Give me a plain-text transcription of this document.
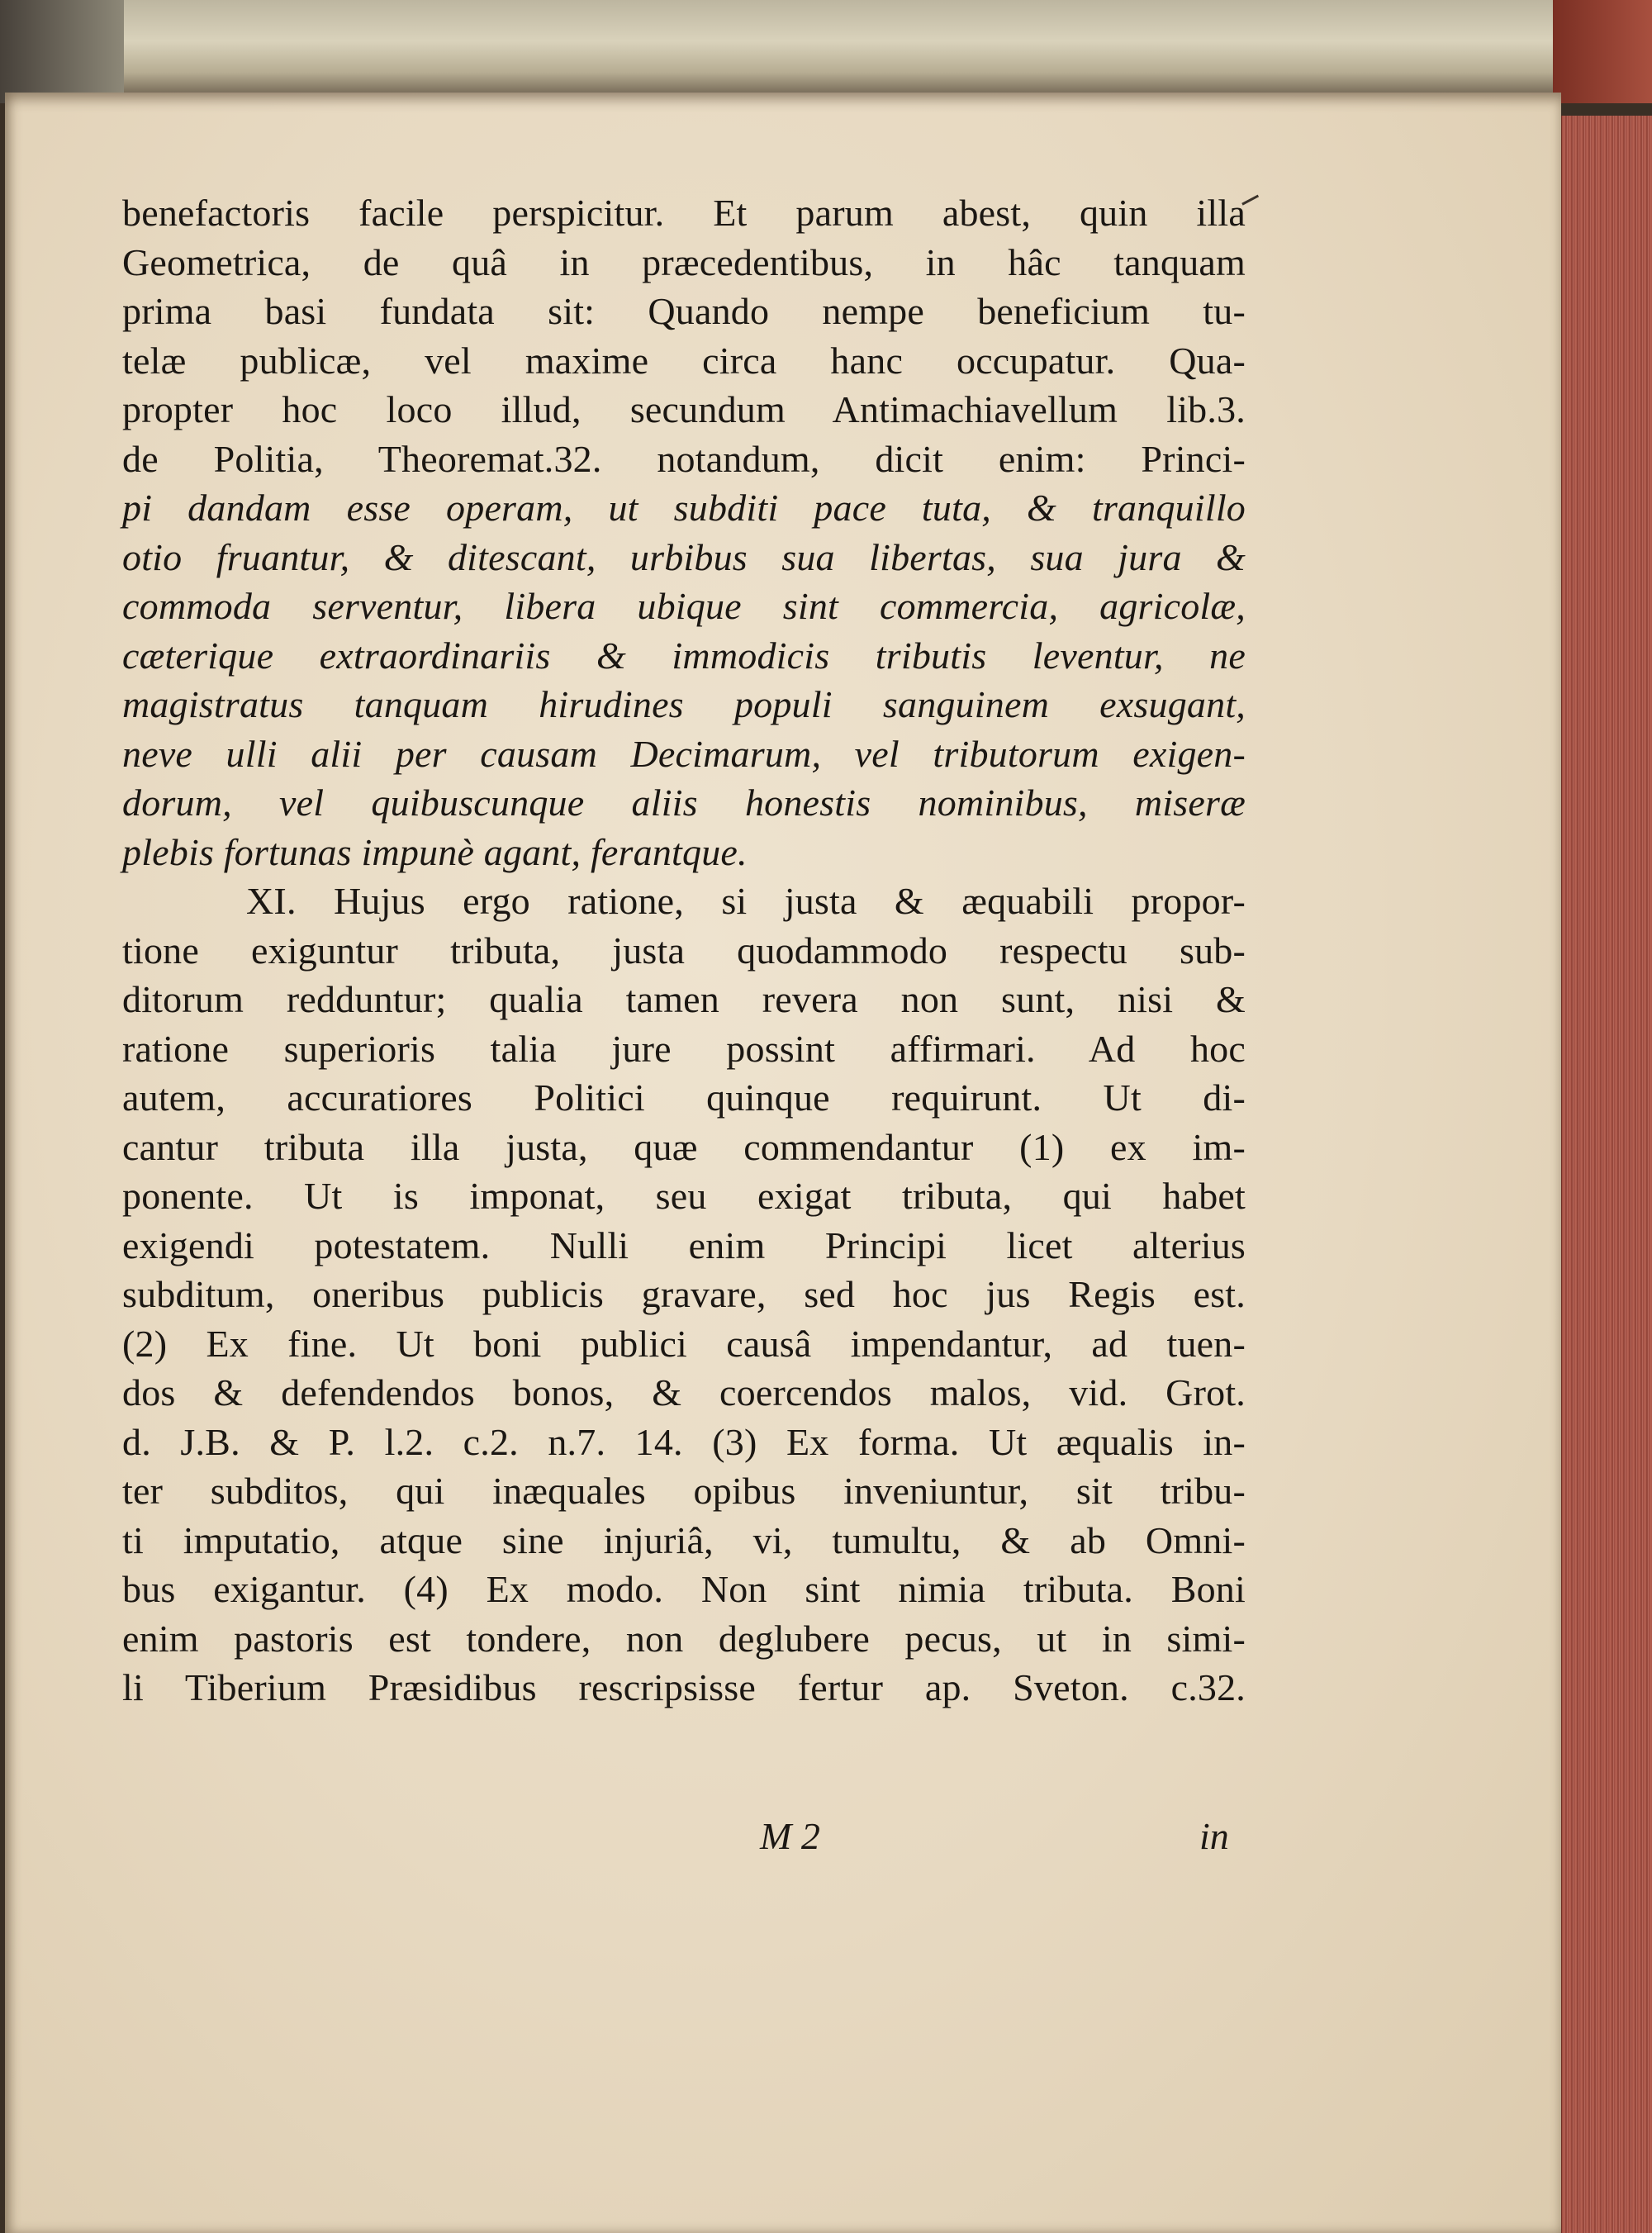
benefactoris facile perspicitur. Et parum abest, quin illa
Geometrica, de quâ in præcedentibus, in hâc tanquam
prima basi fundata sit: Quando nempe beneficium tu-
telæ publicæ, vel maxime circa hanc occupatur. Qua-
propter hoc loco illud, secundum Antimachiavellum lib.3.
de Politia, Theoremat.32. notandum, dicit enim: Princi-
pi dandam esse operam, ut subditi pace tuta, & tranquillo
otio fruantur, & ditescant, urbibus sua libertas, sua jura &
commoda serventur, libera ubique sint commercia, agricolæ,
cæterique extraordinariis & immodicis tributis leventur, ne
magistratus tanquam hirudines populi sanguinem exsugant,
neve ulli alii per causam Decimarum, vel tributorum exigen-
dorum, vel quibuscunque aliis honestis nominibus, miseræ
plebis fortunas impunè agant, ferantque.
XI. Hujus ergo ratione, si justa & æquabili propor-
tione exiguntur tributa, justa quodammodo respectu sub-
ditorum redduntur; qualia tamen revera non sunt, nisi &
ratione superioris talia jure possint affirmari. Ad hoc
autem, accuratiores Politici quinque requirunt. Ut di-
cantur tributa illa justa, quæ commendantur (1) ex im-
ponente. Ut is imponat, seu exigat tributa, qui habet
exigendi potestatem. Nulli enim Principi licet alterius
subditum, oneribus publicis gravare, sed hoc jus Regis est.
(2) Ex fine. Ut boni publici causâ impendantur, ad tuen-
dos & defendendos bonos, & coercendos malos, vid. Grot.
d. J.B. & P. l.2. c.2. n.7. 14. (3) Ex forma. Ut æqualis in-
ter subditos, qui inæquales opibus inveniuntur, sit tribu-
ti imputatio, atque sine injuriâ, vi, tumultu, & ab Omni-
bus exigantur. (4) Ex modo. Non sint nimia tributa. Boni
enim pastoris est tondere, non deglubere pecus, ut in simi-
li Tiberium Præsidibus rescripsisse fertur ap. Sveton. c.32.
M 2	in
